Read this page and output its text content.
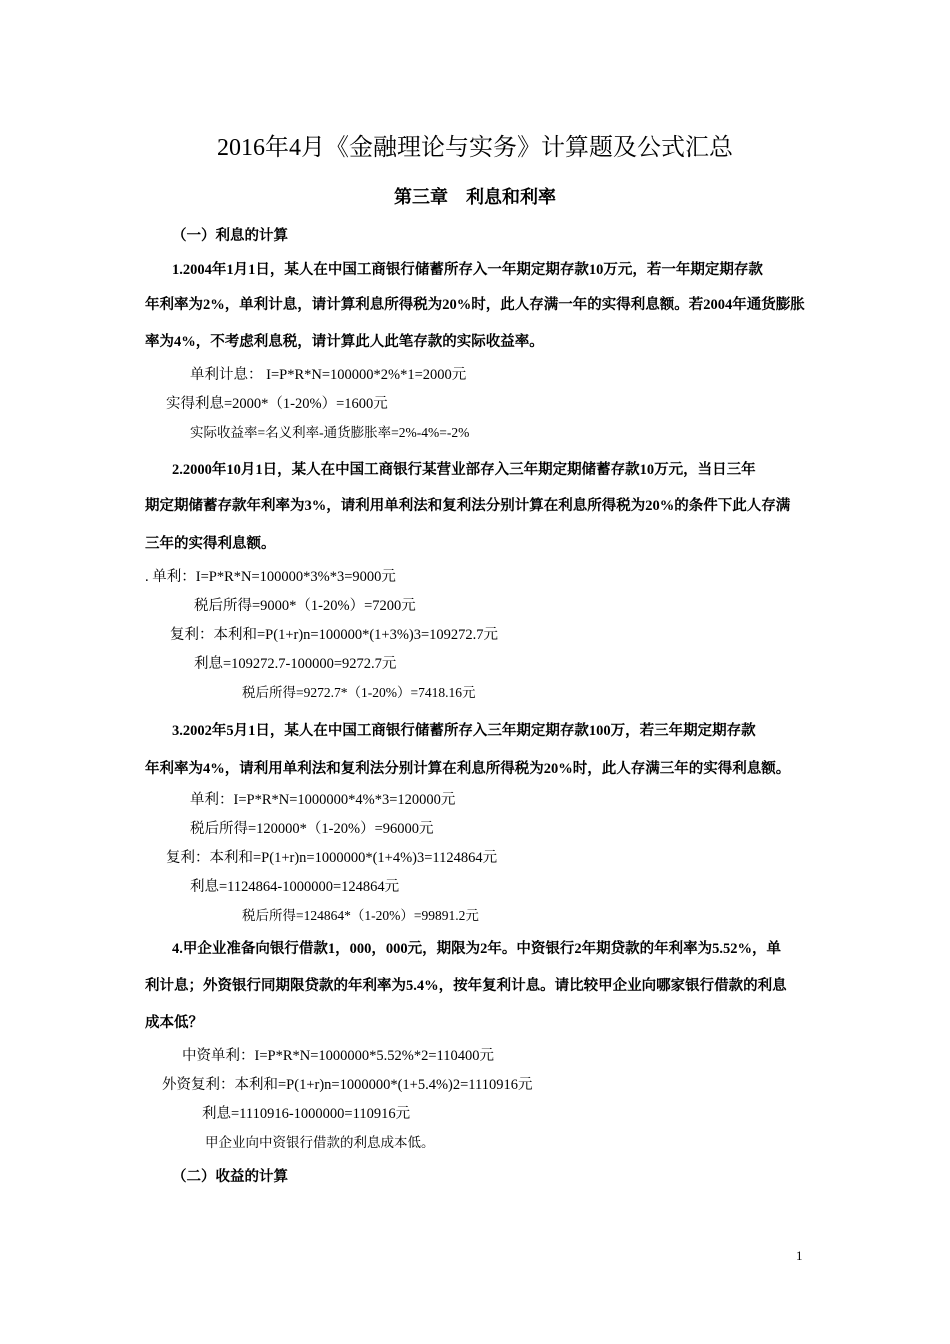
2016年4月《金融理论与实务》计算题及公式汇总
第三章　利息和利率
（一）利息的计算
1.2004年1月1日，某人在中国工商银行储蓄所存入一年期定期存款10万元，若一年期定期存款
年利率为2%，单利计息，请计算利息所得税为20%时，此人存满一年的实得利息额。若2004年通货膨胀
率为4%，不考虑利息税，请计算此人此笔存款的实际收益率。
单利计息： I=P*R*N=100000*2%*1=2000元
实得利息=2000*（1-20%）=1600元
实际收益率=名义利率-通货膨胀率=2%-4%=-2%
2.2000年10月1日，某人在中国工商银行某营业部存入三年期定期储蓄存款10万元，当日三年
期定期储蓄存款年利率为3%，请利用单利法和复利法分别计算在利息所得税为20%的条件下此人存满
三年的实得利息额。
. 单利：I=P*R*N=100000*3%*3=9000元
税后所得=9000*（1-20%）=7200元
复利：本利和=P(1+r)n=100000*(1+3%)3=109272.7元
利息=109272.7-100000=9272.7元
税后所得=9272.7*（1-20%）=7418.16元
3.2002年5月1日，某人在中国工商银行储蓄所存入三年期定期存款100万，若三年期定期存款
年利率为4%，请利用单利法和复利法分别计算在利息所得税为20%时，此人存满三年的实得利息额。
单利：I=P*R*N=1000000*4%*3=120000元
税后所得=120000*（1-20%）=96000元
复利：本利和=P(1+r)n=1000000*(1+4%)3=1124864元
利息=1124864-1000000=124864元
税后所得=124864*（1-20%）=99891.2元
4.甲企业准备向银行借款1，000，000元，期限为2年。中资银行2年期贷款的年利率为5.52%，单
利计息；外资银行同期限贷款的年利率为5.4%，按年复利计息。请比较甲企业向哪家银行借款的利息
成本低？
中资单利：I=P*R*N=1000000*5.52%*2=110400元
外资复利：本利和=P(1+r)n=1000000*(1+5.4%)2=1110916元
利息=1110916-1000000=110916元
甲企业向中资银行借款的利息成本低。
（二）收益的计算
1
